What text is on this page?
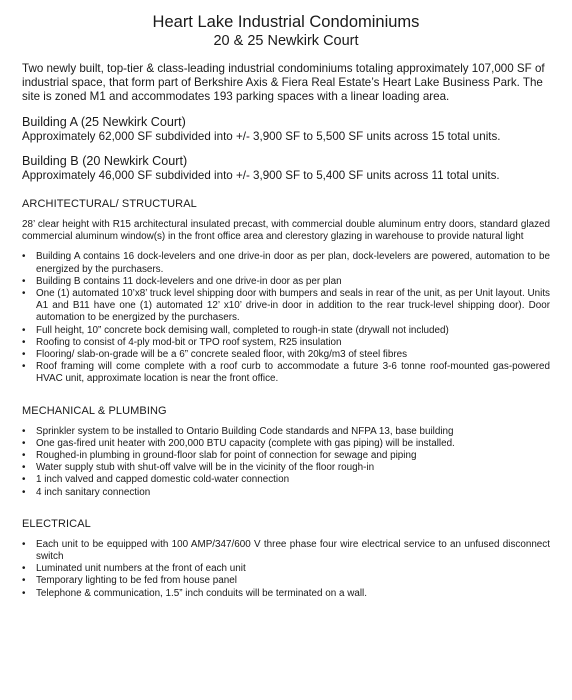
Heart Lake Industrial Condominiums
20 & 25 Newkirk Court

Two newly built, top-tier & class-leading industrial condominiums totaling approximately 107,000 SF of industrial space, that form part of Berkshire Axis & Fiera Real Estate’s Heart Lake Business Park. The site is zoned M1 and accommodates 193 parking spaces with a linear loading area.

Building A (25 Newkirk Court)

Approximately 62,000 SF subdivided into +/- 3,900 SF to 5,500 SF units across 15 total units.

Building B (20 Newkirk Court)

Approximately 46,000 SF subdivided into +/- 3,900 SF to 5,400 SF units across 11 total units.

ARCHITECTURAL/ STRUCTURAL

28’ clear height with R15 architectural insulated precast, with commercial double aluminum entry doors, standard glazed commercial aluminum window(s) in the front office area and clerestory glazing in warehouse to provide natural light

•	Building A contains 16 dock-levelers and one drive-in door as per plan, dock-levelers are powered, automation to be energized by the purchasers.
•	Building B contains 11 dock-levelers and one drive-in door as per plan
•	One (1) automated 10’x8’ truck level shipping door with bumpers and seals in rear of the unit, as per Unit layout. Units A1 and B11 have one (1) automated 12’ x10’ drive-in door in addition to the rear truck-level shipping door). Door automation to be energized by the purchasers.
•	Full height, 10” concrete bock demising wall, completed to rough-in state (drywall not included)
•	Roofing to consist of 4-ply mod-bit or TPO roof system, R25 insulation
•	Flooring/ slab-on-grade will be a 6” concrete sealed floor, with 20kg/m3 of steel fibres
•	Roof framing will come complete with a roof curb to accommodate a future 3-6 tonne roof-mounted gas-powered HVAC unit, approximate location is near the front office.
MECHANICAL & PLUMBING
•	Sprinkler system to be installed to Ontario Building Code standards and NFPA 13, base building
•	One gas-fired unit heater with 200,000 BTU capacity (complete with gas piping) will be installed.
•	Roughed-in plumbing in ground-floor slab for point of connection for sewage and piping
•	Water supply stub with shut-off valve will be in the vicinity of the floor rough-in
•	1 inch valved and capped domestic cold-water connection
•	4 inch sanitary connection
ELECTRICAL
•	Each unit to be equipped with 100 AMP/347/600 V three phase four wire electrical service to an unfused disconnect switch
•	Luminated unit numbers at the front of each unit
•	Temporary lighting to be fed from house panel
•	Telephone & communication, 1.5” inch conduits will be terminated on a wall.
